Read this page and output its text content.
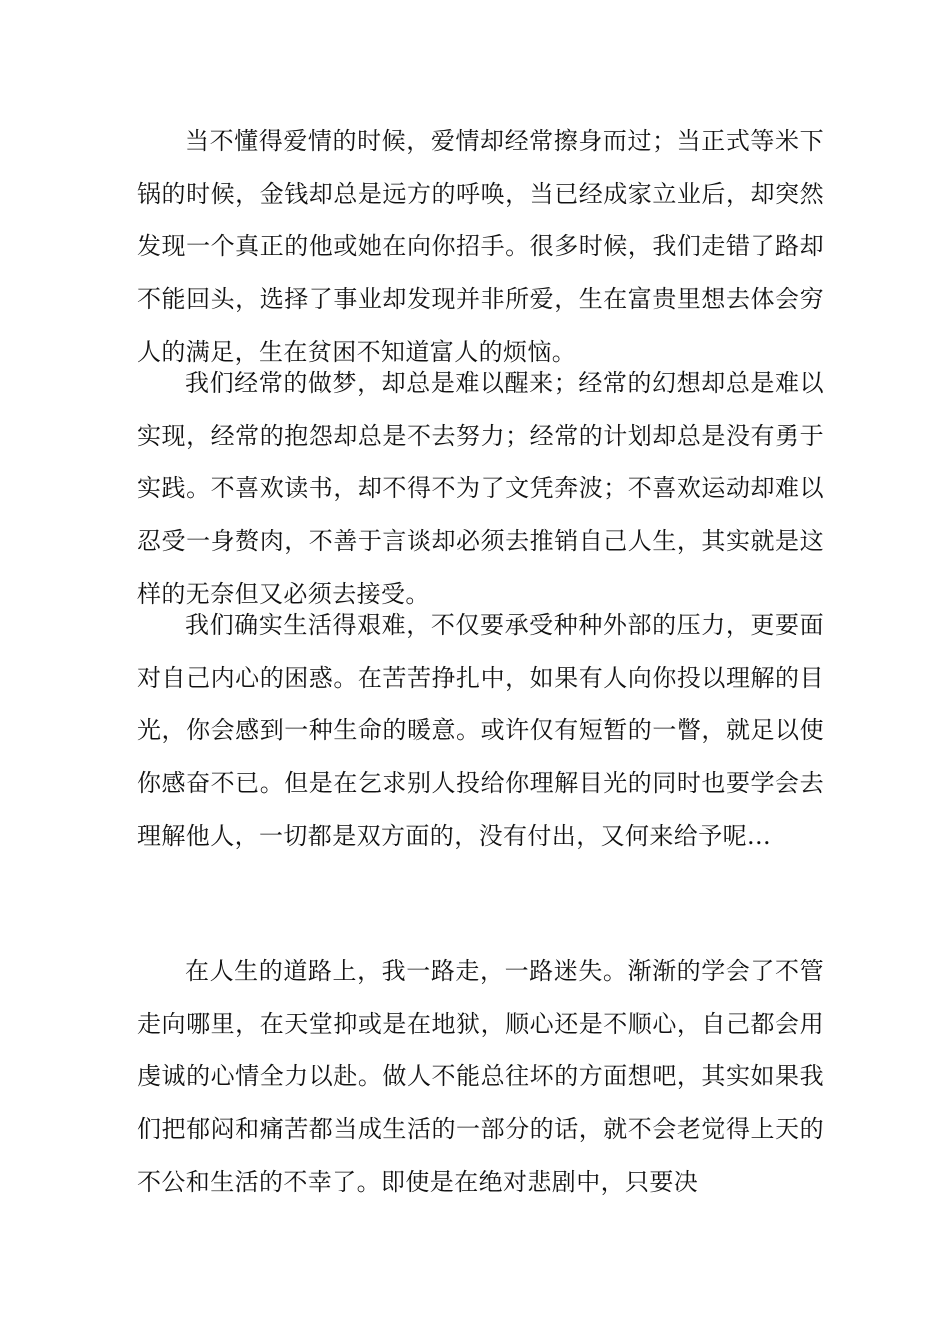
当不懂得爱情的时候，爱情却经常擦身而过；当正式等米下锅的时候，金钱却总是远方的呼唤，当已经成家立业后，却突然发现一个真正的他或她在向你招手。很多时候，我们走错了路却不能回头，选择了事业却发现并非所爱，生在富贵里想去体会穷人的满足，生在贫困不知道富人的烦恼。

我们经常的做梦，却总是难以醒来；经常的幻想却总是难以实现，经常的抱怨却总是不去努力；经常的计划却总是没有勇于实践。不喜欢读书，却不得不为了文凭奔波；不喜欢运动却难以忍受一身赘肉，不善于言谈却必须去推销自己人生，其实就是这样的无奈但又必须去接受。

我们确实生活得艰难，不仅要承受种种外部的压力，更要面对自己内心的困惑。在苦苦挣扎中，如果有人向你投以理解的目光，你会感到一种生命的暖意。或许仅有短暂的一瞥，就足以使你感奋不已。但是在乞求别人投给你理解目光的同时也要学会去理解他人，一切都是双方面的，没有付出，又何来给予呢...

在人生的道路上，我一路走，一路迷失。渐渐的学会了不管走向哪里，在天堂抑或是在地狱，顺心还是不顺心，自己都会用虔诚的心情全力以赴。做人不能总往坏的方面想吧，其实如果我们把郁闷和痛苦都当成生活的一部分的话，就不会老觉得上天的不公和生活的不幸了。即使是在绝对悲剧中，只要决
